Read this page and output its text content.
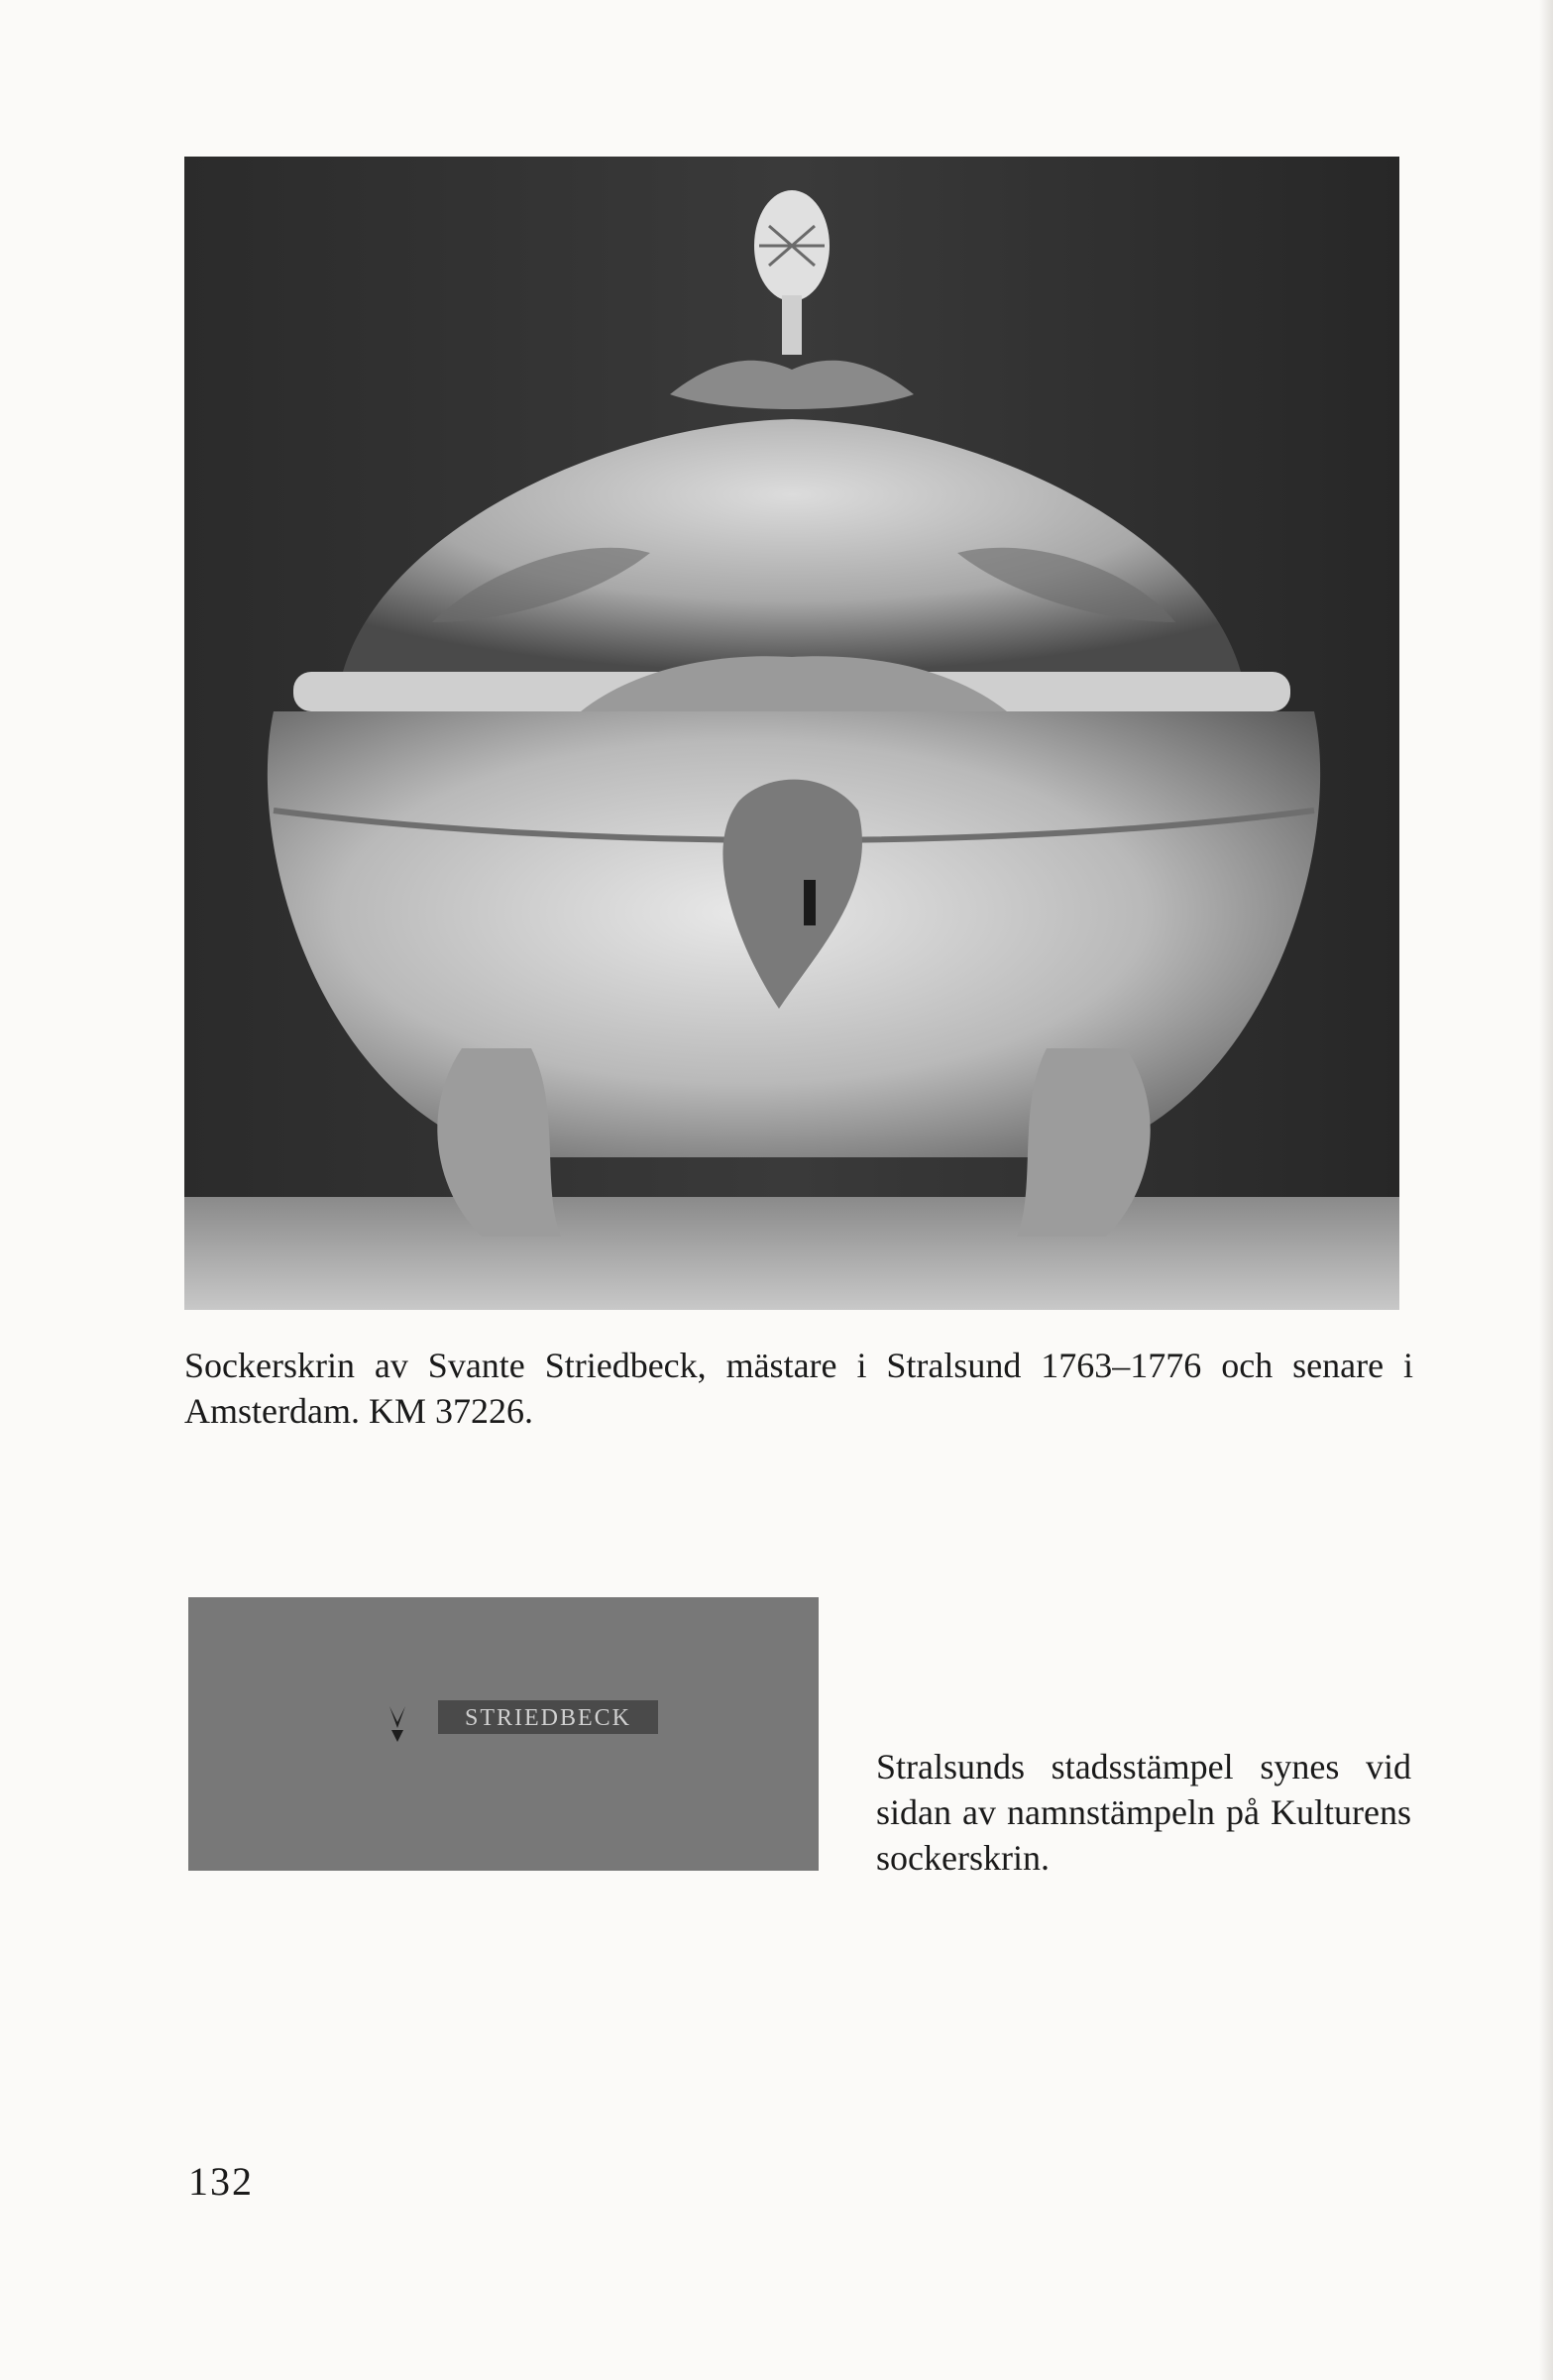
Sockerskrin av Svante Striedbeck, mästare i Stralsund 1763–1776 och senare i Amsterdam. KM 37226.

STRIEDBECK

Stralsunds stadsstämpel synes vid sidan av namnstämpeln på Kulturens sockerskrin.

132
